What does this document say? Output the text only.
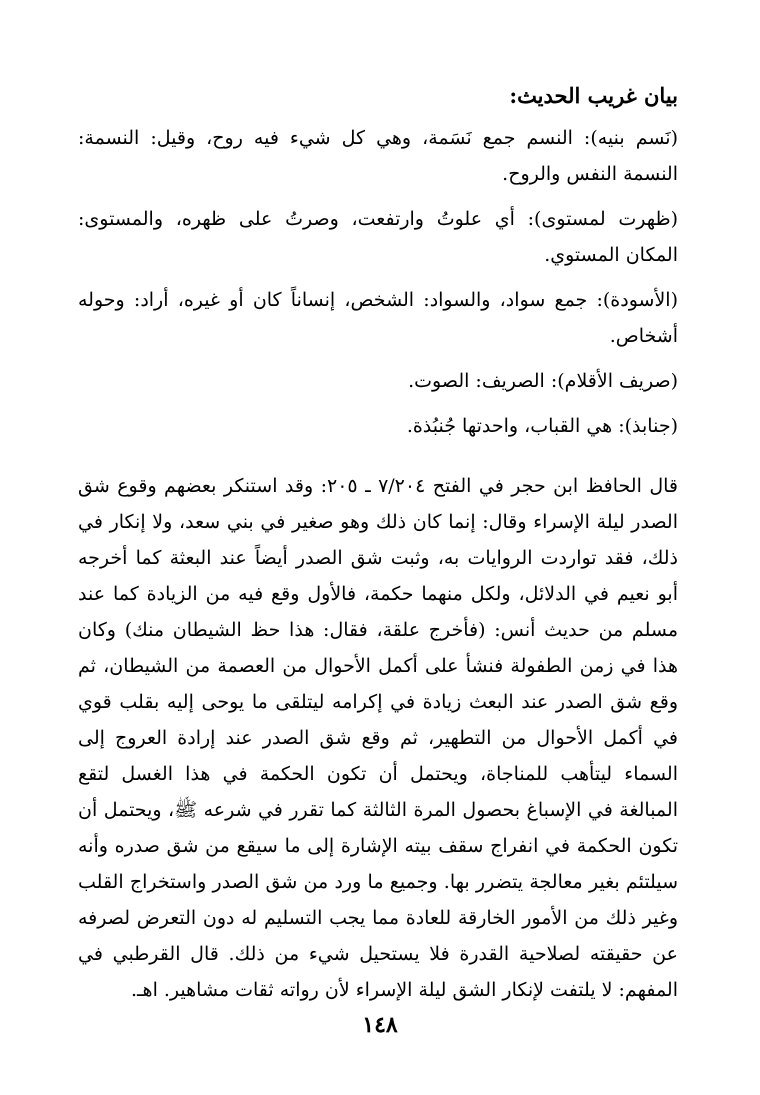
بيان غريب الحديث:

(نَسم بنيه): النسم جمع نَسَمة، وهي كل شيء فيه روح، وقيل: النسمة: النسمة النفس والروح.

(ظهرت لمستوى): أي علوتُ وارتفعت، وصرتُ على ظهره، والمستوى: المكان المستوي.

(الأسودة): جمع سواد، والسواد: الشخص، إنساناً كان أو غيره، أراد: وحوله أشخاص.

(صريف الأقلام): الصريف: الصوت.

(جنابذ): هي القباب، واحدتها جُنبُذة.

قال الحافظ ابن حجر في الفتح ٧/٢٠٤ ـ ٢٠٥: وقد استنكر بعضهم وقوع شق الصدر ليلة الإسراء وقال: إنما كان ذلك وهو صغير في بني سعد، ولا إنكار في ذلك، فقد تواردت الروايات به، وثبت شق الصدر أيضاً عند البعثة كما أخرجه أبو نعيم في الدلائل، ولكل منهما حكمة، فالأول وقع فيه من الزيادة كما عند مسلم من حديث أنس: (فأخرج علقة، فقال: هذا حظ الشيطان منك) وكان هذا في زمن الطفولة فنشأ على أكمل الأحوال من العصمة من الشيطان، ثم وقع شق الصدر عند البعث زيادة في إكرامه ليتلقى ما يوحى إليه بقلب قوي في أكمل الأحوال من التطهير، ثم وقع شق الصدر عند إرادة العروج إلى السماء ليتأهب للمناجاة، ويحتمل أن تكون الحكمة في هذا الغسل لتقع المبالغة في الإسباغ بحصول المرة الثالثة كما تقرر في شرعه ﷺ، ويحتمل أن تكون الحكمة في انفراج سقف بيته الإشارة إلى ما سيقع من شق صدره وأنه سيلتئم بغير معالجة يتضرر بها. وجميع ما ورد من شق الصدر واستخراج القلب وغير ذلك من الأمور الخارقة للعادة مما يجب التسليم له دون التعرض لصرفه عن حقيقته لصلاحية القدرة فلا يستحيل شيء من ذلك. قال القرطبي في المفهم: لا يلتفت لإنكار الشق ليلة الإسراء لأن رواته ثقات مشاهير. اهـ.

١٤٨
